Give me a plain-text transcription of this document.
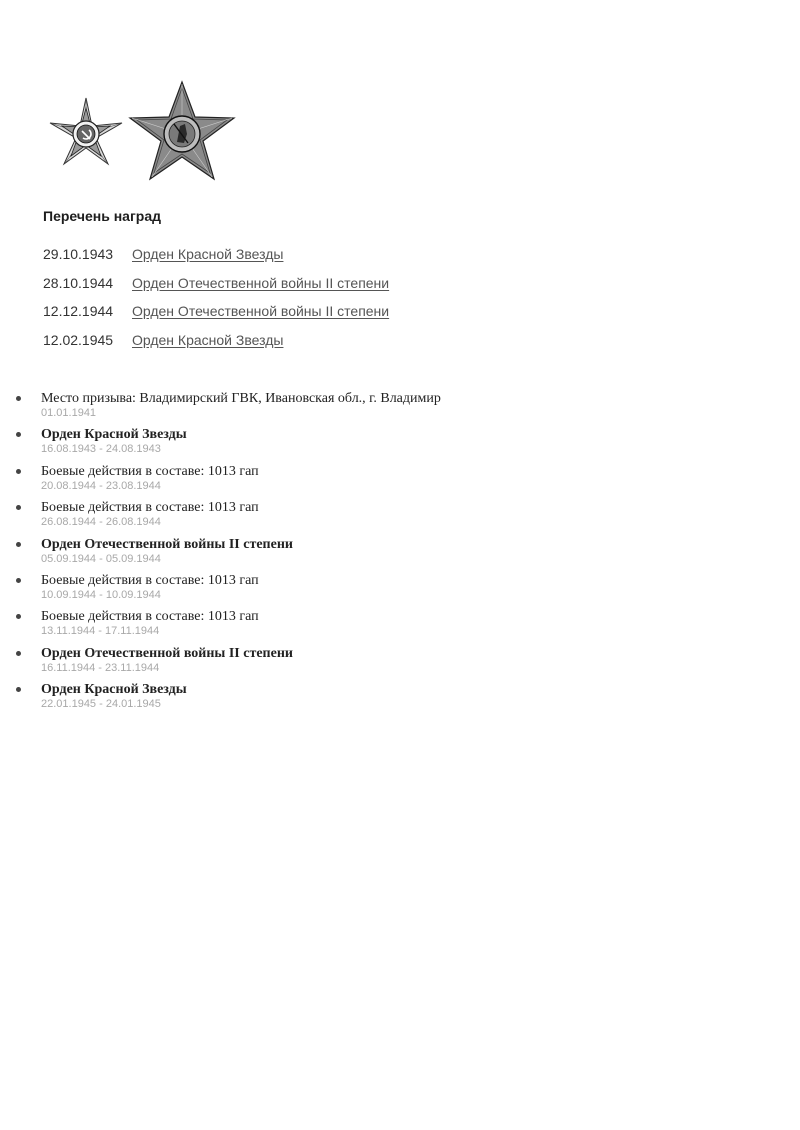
Перечень наград
29.10.1943	Орден Красной Звезды
28.10.1944	Орден Отечественной войны II степени
12.12.1944	Орден Отечественной войны II степени
12.02.1945	Орден Красной Звезды
Место призыва: Владимирский ГВК, Ивановская обл., г. Владимир
01.01.1941
Орден Красной Звезды
16.08.1943 - 24.08.1943
Боевые действия в составе: 1013 гап
20.08.1944 - 23.08.1944
Боевые действия в составе: 1013 гап
26.08.1944 - 26.08.1944
Орден Отечественной войны II степени
05.09.1944 - 05.09.1944
Боевые действия в составе: 1013 гап
10.09.1944 - 10.09.1944
Боевые действия в составе: 1013 гап
13.11.1944 - 17.11.1944
Орден Отечественной войны II степени
16.11.1944 - 23.11.1944
Орден Красной Звезды
22.01.1945 - 24.01.1945
